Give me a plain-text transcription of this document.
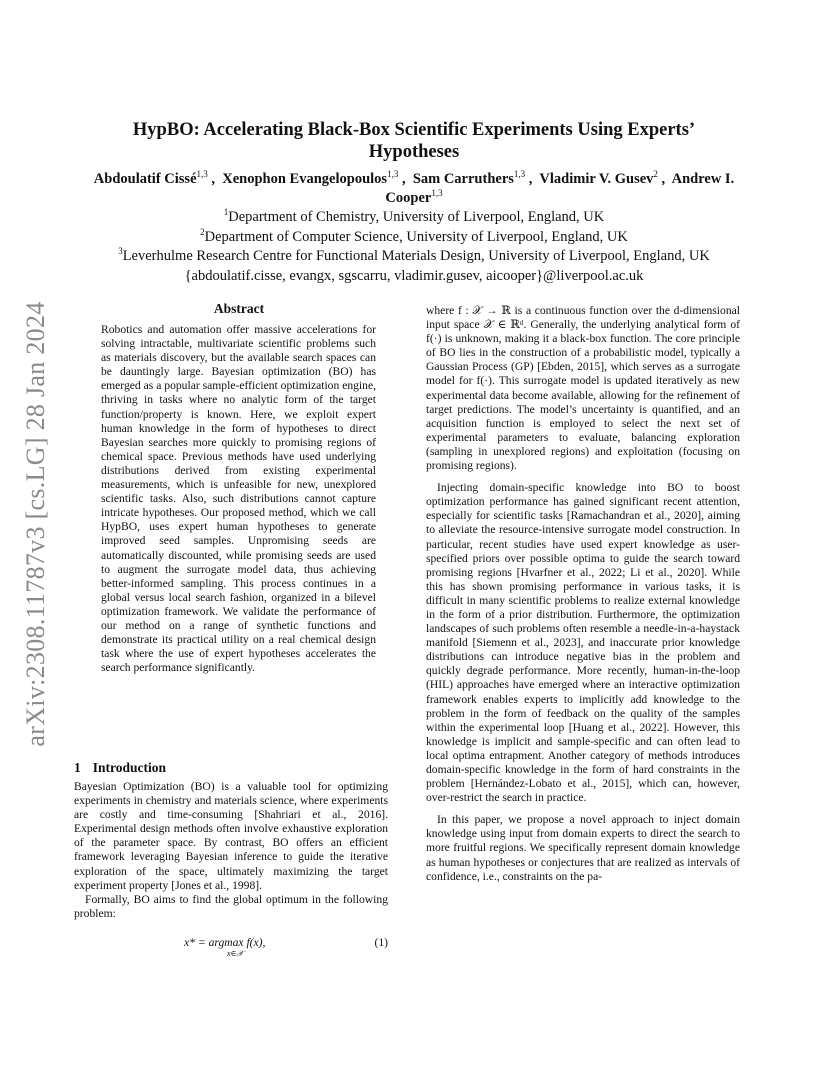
arXiv:2308.11787v3 [cs.LG] 28 Jan 2024
HypBO: Accelerating Black-Box Scientific Experiments Using Experts’ Hypotheses
Abdoulatif Cissé$^{1,3}$ ,  Xenophon Evangelopoulos$^{1,3}$ ,  Sam Carruthers$^{1,3}$ ,  Vladimir V. Gusev$^2$ ,  Andrew I. Cooper$^{1,3}$
$^1$Department of Chemistry, University of Liverpool, England, UK
$^2$Department of Computer Science, University of Liverpool, England, UK
$^3$Leverhulme Research Centre for Functional Materials Design, University of Liverpool, England, UK
{abdoulatif.cisse, evangx, sgscarru, vladimir.gusev, aicooper}@liverpool.ac.uk
Abstract

Robotics and automation offer massive accelerations for solving intractable, multivariate scientific problems such as materials discovery, but the available search spaces can be dauntingly large. Bayesian optimization (BO) has emerged as a popular sample-efficient optimization engine, thriving in tasks where no analytic form of the target function/property is known. Here, we exploit expert human knowledge in the form of hypotheses to direct Bayesian searches more quickly to promising regions of chemical space. Previous methods have used underlying distributions derived from existing experimental measurements, which is unfeasible for new, unexplored scientific tasks. Also, such distributions cannot capture intricate hypotheses. Our proposed method, which we call HypBO, uses expert human hypotheses to generate improved seed samples. Unpromising seeds are automatically discounted, while promising seeds are used to augment the surrogate model data, thus achieving better-informed sampling. This process continues in a global versus local search fashion, organized in a bilevel optimization framework. We validate the performance of our method on a range of synthetic functions and demonstrate its practical utility on a real chemical design task where the use of expert hypotheses accelerates the search performance significantly.

1 Introduction

Bayesian Optimization (BO) is a valuable tool for optimizing experiments in chemistry and materials science, where experiments are costly and time-consuming [Shahriari et al., 2016]. Experimental design methods often involve exhaustive exploration of the parameter space. By contrast, BO offers an efficient framework leveraging Bayesian inference to guide the iterative exploration of the space, ultimately maximizing the target experiment property [Jones et al., 1998].

Formally, BO aims to find the global optimum in the following problem:

x* = argmax f(x),
x∈𝒳
(1)

where f : 𝒳 → ℝ is a continuous function over the d-dimensional input space 𝒳 ∈ ℝᵈ. Generally, the underlying analytical form of f(·) is unknown, making it a black-box function. The core principle of BO lies in the construction of a probabilistic model, typically a Gaussian Process (GP) [Ebden, 2015], which serves as a surrogate model for f(·). This surrogate model is updated iteratively as new experimental data become available, allowing for the refinement of target predictions. The model’s uncertainty is quantified, and an acquisition function is employed to select the next set of experimental parameters to evaluate, balancing exploration (sampling in unexplored regions) and exploitation (focusing on promising regions).

Injecting domain-specific knowledge into BO to boost optimization performance has gained significant recent attention, especially for scientific tasks [Ramachandran et al., 2020], aiming to alleviate the resource-intensive surrogate model construction. In particular, recent studies have used expert knowledge as user-specified priors over possible optima to guide the search toward promising regions [Hvarfner et al., 2022; Li et al., 2020]. While this has shown promising performance in various tasks, it is difficult in many scientific problems to realize external knowledge in the form of a prior distribution. Furthermore, the optimization landscapes of such problems often resemble a needle-in-a-haystack manifold [Siemenn et al., 2023], and inaccurate prior knowledge distributions can introduce negative bias in the problem and quickly degrade performance. More recently, human-in-the-loop (HIL) approaches have emerged where an interactive optimization framework enables experts to implicitly add knowledge to the problem in the form of feedback on the quality of the samples within the experimental loop [Huang et al., 2022]. However, this knowledge is implicit and sample-specific and can often lead to local optima entrapment. Another category of methods introduces domain-specific knowledge in the form of hard constraints in the problem [Hernández-Lobato et al., 2015], which can, however, over-restrict the search in practice.

In this paper, we propose a novel approach to inject domain knowledge using input from domain experts to direct the search to more fruitful regions. We specifically represent domain knowledge as human hypotheses or conjectures that are realized as intervals of confidence, i.e., constraints on the pa-
